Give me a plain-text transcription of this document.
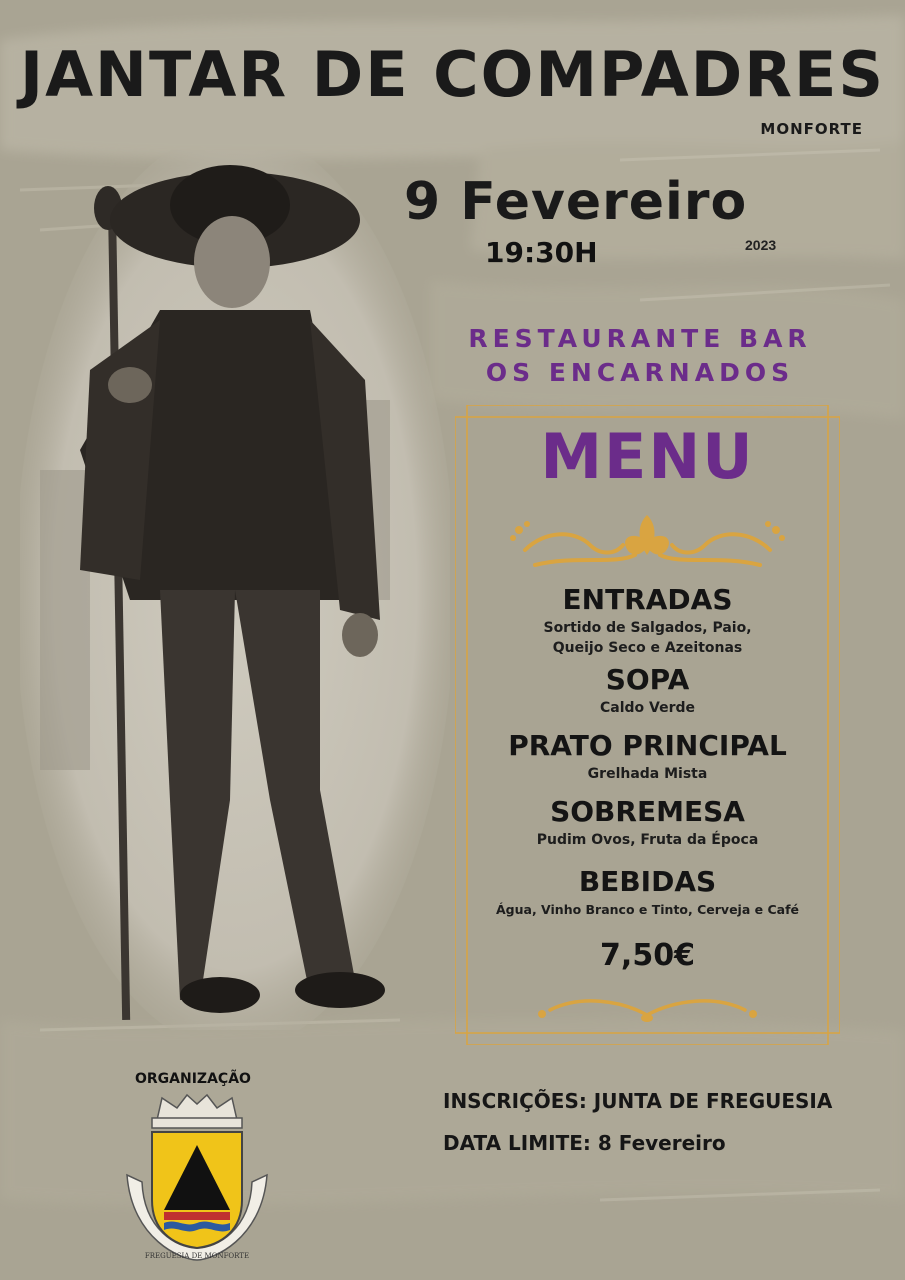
JANTAR DE COMPADRES
MONFORTE
9 Fevereiro
19:30H	2023
RESTAURANTE BAR
OS ENCARNADOS
MENU
ENTRADAS

Sortido de Salgados, Paio,

Queijo Seco e Azeitonas

SOPA

Caldo Verde

PRATO PRINCIPAL

Grelhada Mista

SOBREMESA

Pudim Ovos, Fruta da Época

BEBIDAS

Água, Vinho Branco e Tinto, Cerveja e Café

7,50€
ORGANIZAÇÃO
FREGUESIA DE MONFORTE
INSCRIÇÕES: JUNTA DE FREGUESIA
DATA LIMITE: 8 Fevereiro
